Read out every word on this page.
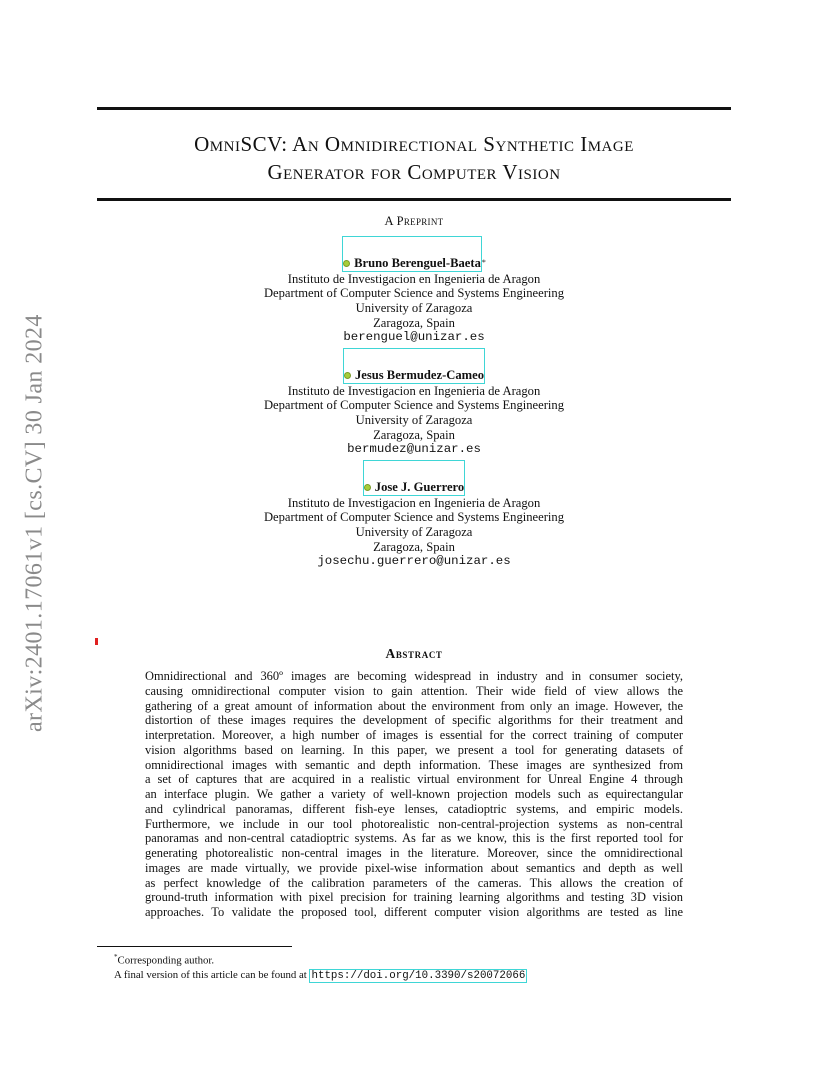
arXiv:2401.17061v1 [cs.CV] 30 Jan 2024
OmniSCV: An Omnidirectional Synthetic Image
Generator for Computer Vision
A Preprint
Bruno Berenguel-Baeta *
Instituto de Investigacion en Ingenieria de Aragon
Department of Computer Science and Systems Engineering
University of Zaragoza
Zaragoza, Spain
berenguel@unizar.es
Jesus Bermudez-Cameo
Instituto de Investigacion en Ingenieria de Aragon
Department of Computer Science and Systems Engineering
University of Zaragoza
Zaragoza, Spain
bermudez@unizar.es
Jose J. Guerrero
Instituto de Investigacion en Ingenieria de Aragon
Department of Computer Science and Systems Engineering
University of Zaragoza
Zaragoza, Spain
josechu.guerrero@unizar.es
Abstract
Omnidirectional and 360º images are becoming widespread in industry and in consumer society,
causing omnidirectional computer vision to gain attention. Their wide field of view allows the
gathering of a great amount of information about the environment from only an image. However, the
distortion of these images requires the development of specific algorithms for their treatment and
interpretation. Moreover, a high number of images is essential for the correct training of computer
vision algorithms based on learning. In this paper, we present a tool for generating datasets of
omnidirectional images with semantic and depth information. These images are synthesized from
a set of captures that are acquired in a realistic virtual environment for Unreal Engine 4 through
an interface plugin. We gather a variety of well-known projection models such as equirectangular
and cylindrical panoramas, different fish-eye lenses, catadioptric systems, and empiric models.
Furthermore, we include in our tool photorealistic non-central-projection systems as non-central
panoramas and non-central catadioptric systems. As far as we know, this is the first reported tool for
generating photorealistic non-central images in the literature. Moreover, since the omnidirectional
images are made virtually, we provide pixel-wise information about semantics and depth as well
as perfect knowledge of the calibration parameters of the cameras. This allows the creation of
ground-truth information with pixel precision for training learning algorithms and testing 3D vision
approaches. To validate the proposed tool, different computer vision algorithms are tested as line
*Corresponding author.
A final version of this article can be found at https://doi.org/10.3390/s20072066
